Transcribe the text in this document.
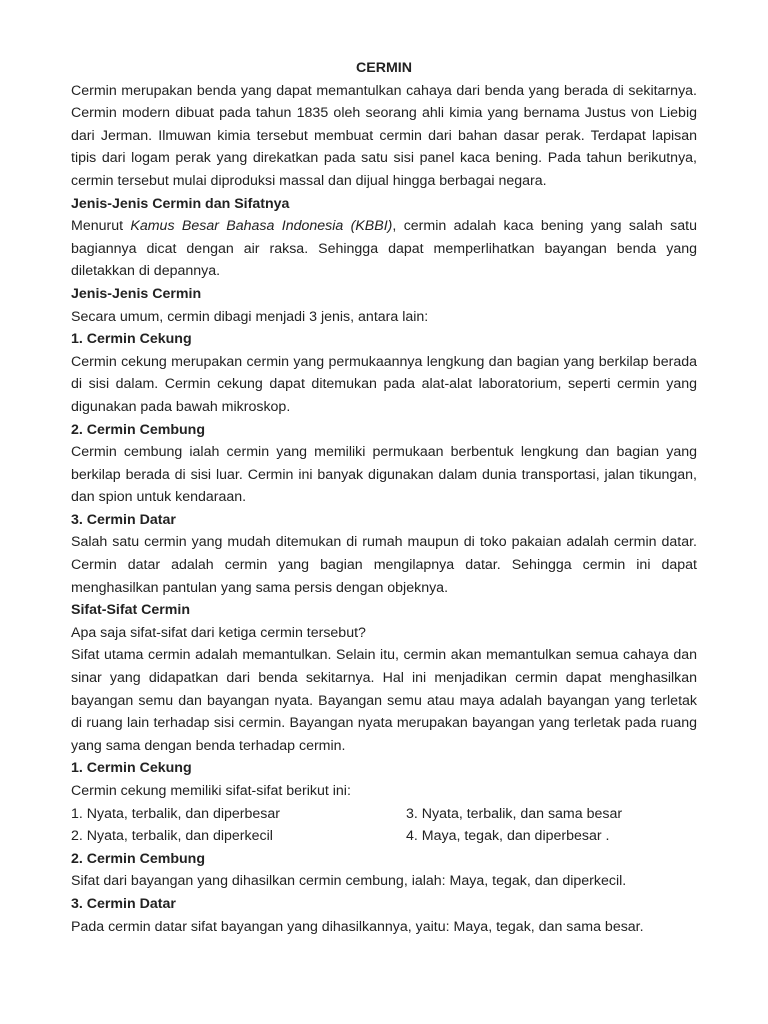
CERMIN

Cermin merupakan benda yang dapat memantulkan cahaya dari benda yang berada di sekitarnya. Cermin modern dibuat pada tahun 1835 oleh seorang ahli kimia yang bernama Justus von Liebig dari Jerman. Ilmuwan kimia tersebut membuat cermin dari bahan dasar perak. Terdapat lapisan tipis dari logam perak yang direkatkan pada satu sisi panel kaca bening. Pada tahun berikutnya, cermin tersebut mulai diproduksi massal dan dijual hingga berbagai negara.

Jenis-Jenis Cermin dan Sifatnya

Menurut Kamus Besar Bahasa Indonesia (KBBI), cermin adalah kaca bening yang salah satu bagiannya dicat dengan air raksa. Sehingga dapat memperlihatkan bayangan benda yang diletakkan di depannya.

Jenis-Jenis Cermin

Secara umum, cermin dibagi menjadi 3 jenis, antara lain:

1. Cermin Cekung

Cermin cekung merupakan cermin yang permukaannya lengkung dan bagian yang berkilap berada di sisi dalam. Cermin cekung dapat ditemukan pada alat-alat laboratorium, seperti cermin yang digunakan pada bawah mikroskop.

2. Cermin Cembung

Cermin cembung ialah cermin yang memiliki permukaan berbentuk lengkung dan bagian yang berkilap berada di sisi luar. Cermin ini banyak digunakan dalam dunia transportasi, jalan tikungan, dan spion untuk kendaraan.

3. Cermin Datar

Salah satu cermin yang mudah ditemukan di rumah maupun di toko pakaian adalah cermin datar. Cermin datar adalah cermin yang bagian mengilapnya datar. Sehingga cermin ini dapat menghasilkan pantulan yang sama persis dengan objeknya.

Sifat-Sifat Cermin

Apa saja sifat-sifat dari ketiga cermin tersebut?

Sifat utama cermin adalah memantulkan. Selain itu, cermin akan memantulkan semua cahaya dan sinar yang didapatkan dari benda sekitarnya. Hal ini menjadikan cermin dapat menghasilkan bayangan semu dan bayangan nyata. Bayangan semu atau maya adalah bayangan yang terletak di ruang lain terhadap sisi cermin. Bayangan nyata merupakan bayangan yang terletak pada ruang yang sama dengan benda terhadap cermin.

1. Cermin Cekung

Cermin cekung memiliki sifat-sifat berikut ini:

1. Nyata, terbalik, dan diperbesar	3. Nyata, terbalik, dan sama besar
2. Nyata, terbalik, dan diperkecil	4. Maya, tegak, dan diperbesar .

2. Cermin Cembung

Sifat dari bayangan yang dihasilkan cermin cembung, ialah: Maya, tegak, dan diperkecil.

3. Cermin Datar

Pada cermin datar sifat bayangan yang dihasilkannya, yaitu: Maya, tegak, dan sama besar.
